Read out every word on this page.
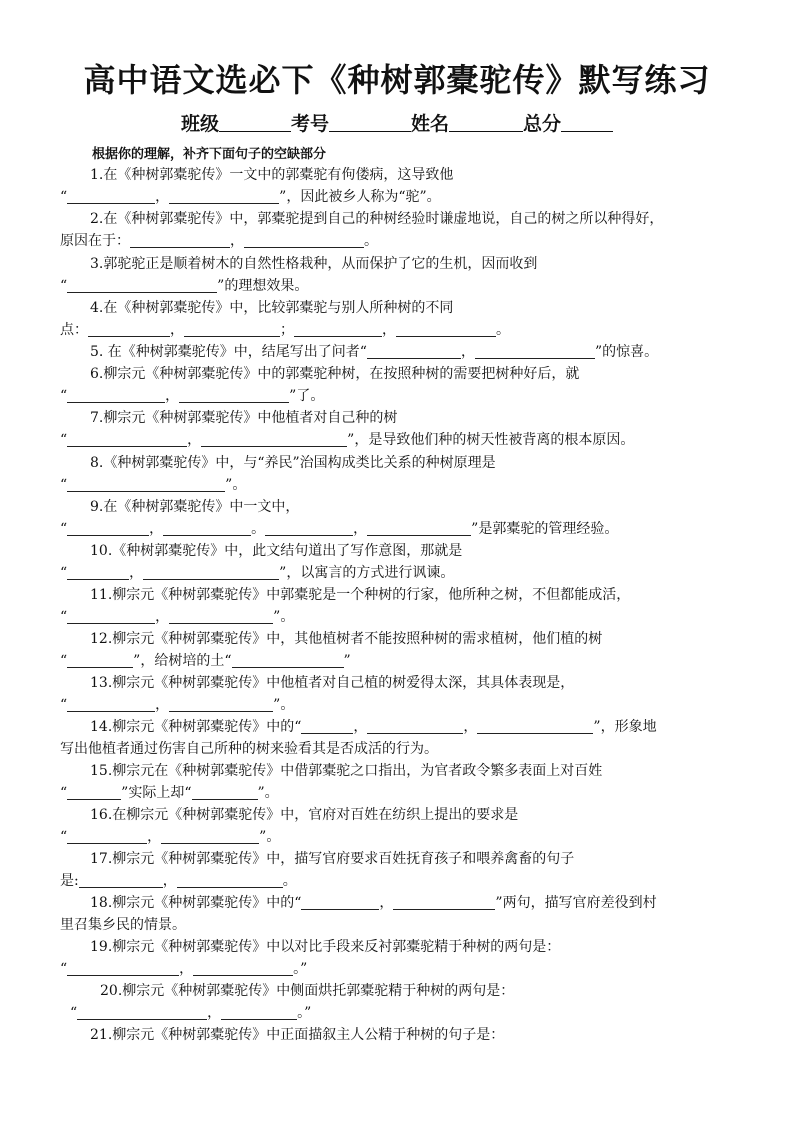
高中语文选必下《种树郭橐驼传》默写练习
班级	考号	姓名	总分
根据你的理解，补齐下面句子的空缺部分
1.在《种树郭橐驼传》一文中的郭橐驼有佝偻病，这导致他
“	，	”，因此被乡人称为“驼”。
2.在《种树郭橐驼传》中，郭橐驼提到自己的种树经验时谦虚地说，自己的树之所以种得好，
原因在于：	，	。
3.郭驼驼正是顺着树木的自然性格栽种，从而保护了它的生机，因而收到
“	”的理想效果。
4.在《种树郭橐驼传》中，比较郭橐驼与别人所种树的不同
点：	，	；	，	。
5. 在《种树郭橐驼传》中，结尾写出了问者“	，	”的惊喜。
6.柳宗元《种树郭橐驼传》中的郭橐驼种树，在按照种树的需要把树种好后，就
“	，	”了。
7.柳宗元《种树郭橐驼传》中他植者对自己种的树
“	，	”，是导致他们种的树天性被背离的根本原因。
8.《种树郭橐驼传》中，与“养民”治国构成类比关系的种树原理是
“	”。
9.在《种树郭橐驼传》中一文中，
“	，	。	，	”是郭橐驼的管理经验。
10.《种树郭橐驼传》中，此文结句道出了写作意图，那就是
“	，	”，以寓言的方式进行讽谏。
11.柳宗元《种树郭橐驼传》中郭橐驼是一个种树的行家，他所种之树，不但都能成活，
“	，	”。
12.柳宗元《种树郭橐驼传》中，其他植树者不能按照种树的需求植树，他们植的树
“	”，给树培的土“	”
13.柳宗元《种树郭橐驼传》中他植者对自己植的树爱得太深，其具体表现是，
“	，	”。
14.柳宗元《种树郭橐驼传》中的“	，	，	”，形象地
写出他植者通过伤害自己所种的树来验看其是否成活的行为。
15.柳宗元在《种树郭橐驼传》中借郭橐驼之口指出，为官者政令繁多表面上对百姓
“	”实际上却“	”。
16.在柳宗元《种树郭橐驼传》中，官府对百姓在纺织上提出的要求是
“	，	”。
17.柳宗元《种树郭橐驼传》中，描写官府要求百姓抚育孩子和喂养禽畜的句子
是:	，	。
18.柳宗元《种树郭橐驼传》中的“	，	”两句，描写官府差役到村
里召集乡民的情景。
19.柳宗元《种树郭橐驼传》中以对比手段来反衬郭橐驼精于种树的两句是：
“	，	。”
20.柳宗元《种树郭橐驼传》中侧面烘托郭橐驼精于种树的两句是：
“	，	。”
21.柳宗元《种树郭橐驼传》中正面描叙主人公精于种树的句子是：
